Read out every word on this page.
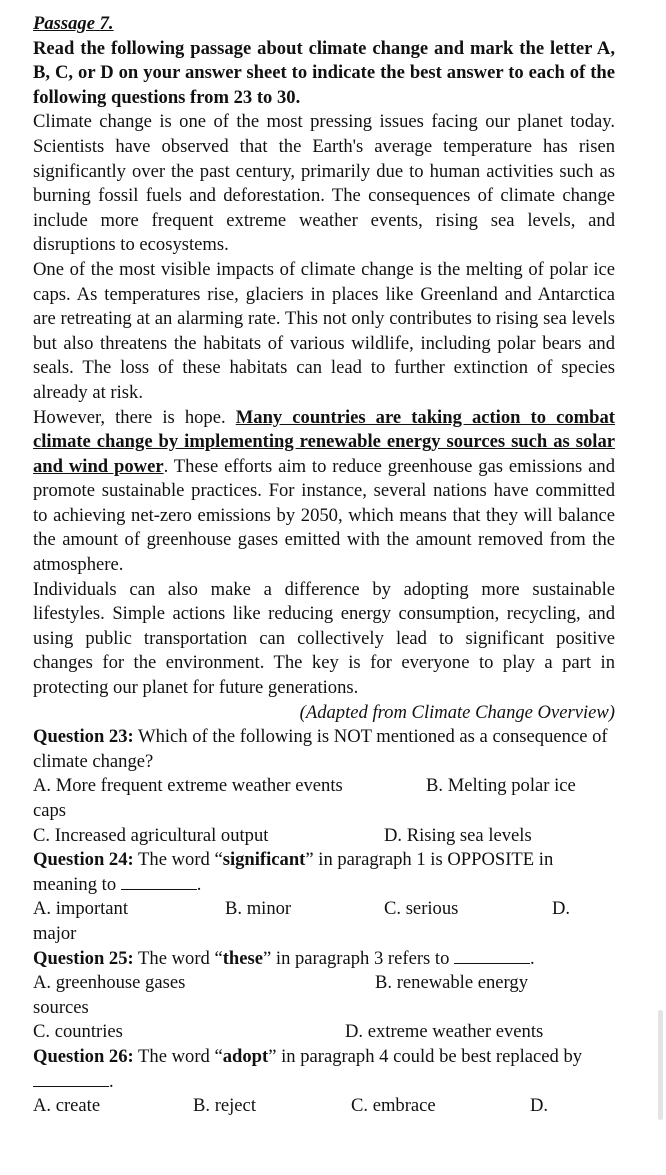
Passage 7.
Read the following passage about climate change and mark the letter A, B, C, or D on your answer sheet to indicate the best answer to each of the following questions from 23 to 30.
Climate change is one of the most pressing issues facing our planet today. Scientists have observed that the Earth's average temperature has risen significantly over the past century, primarily due to human activities such as burning fossil fuels and deforestation. The consequences of climate change include more frequent extreme weather events, rising sea levels, and disruptions to ecosystems.
One of the most visible impacts of climate change is the melting of polar ice caps. As temperatures rise, glaciers in places like Greenland and Antarctica are retreating at an alarming rate. This not only contributes to rising sea levels but also threatens the habitats of various wildlife, including polar bears and seals. The loss of these habitats can lead to further extinction of species already at risk.
However, there is hope. Many countries are taking action to combat climate change by implementing renewable energy sources such as solar and wind power. These efforts aim to reduce greenhouse gas emissions and promote sustainable practices. For instance, several nations have committed to achieving net-zero emissions by 2050, which means that they will balance the amount of greenhouse gases emitted with the amount removed from the atmosphere.
Individuals can also make a difference by adopting more sustainable lifestyles. Simple actions like reducing energy consumption, recycling, and using public transportation can collectively lead to significant positive changes for the environment. The key is for everyone to play a part in protecting our planet for future generations.
(Adapted from Climate Change Overview)
Question 23: Which of the following is NOT mentioned as a consequence of climate change?
A. More frequent extreme weather events	B. Melting polar ice
caps
C. Increased agricultural output	D. Rising sea levels
Question 24: The word “significant” in paragraph 1 is OPPOSITE in meaning to	.
A. important	B. minor	C. serious	D.
major
Question 25: The word “these” in paragraph 3 refers to	.
A. greenhouse gases	B. renewable energy
sources
C. countries	D. extreme weather events
Question 26: The word “adopt” in paragraph 4 could be best replaced by .
A. create	B. reject	C. embrace	D.
